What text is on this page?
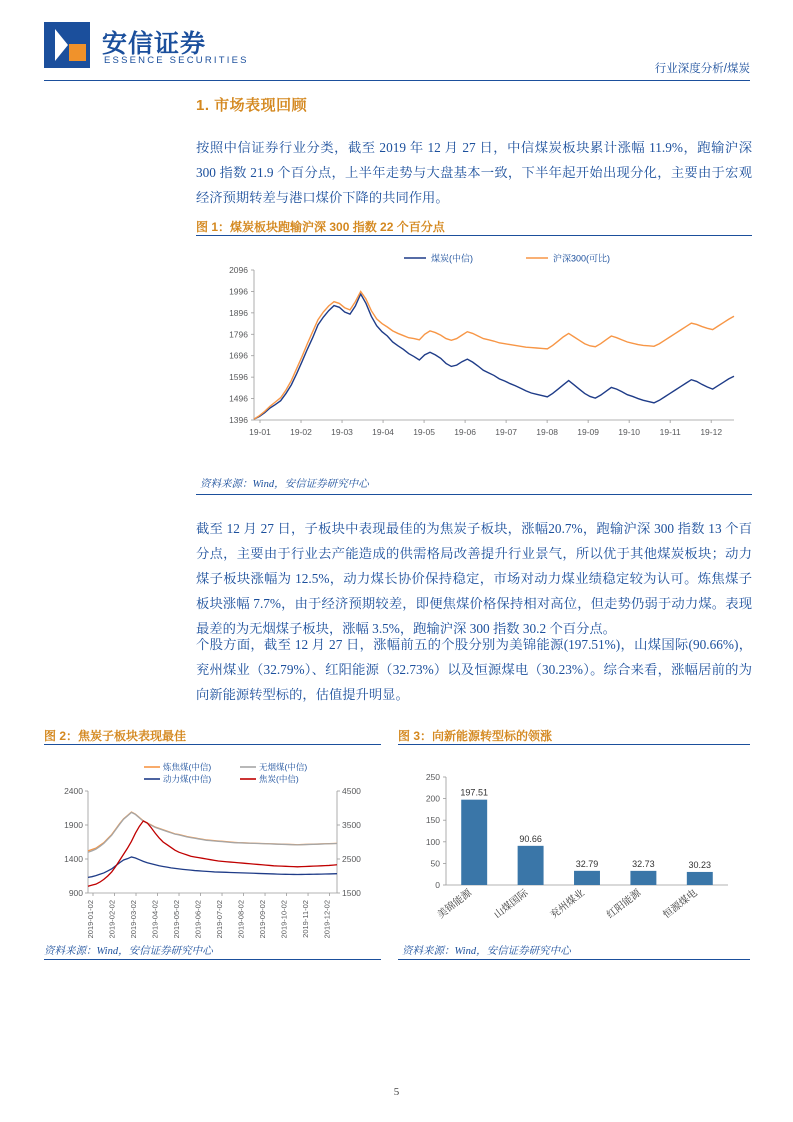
安信证券
ESSENCE SECURITIES
行业深度分析/煤炭
1. 市场表现回顾
按照中信证券行业分类，截至 2019 年 12 月 27 日，中信煤炭板块累计涨幅 11.9%，跑输沪深 300 指数 21.9 个百分点，上半年走势与大盘基本一致，下半年起开始出现分化，主要由于宏观经济预期转差与港口煤价下降的共同作用。
图 1：煤炭板块跑输沪深 300 指数 22 个百分点
1396
1496
1596
1696
1796
1896
1996
2096
19-01 19-02 19-03 19-04 19-05 19-06 19-07 19-08 19-09 19-10 19-11 19-12
煤炭(中信)	沪深300(可比)
资料来源：Wind，安信证券研究中心
截至 12 月 27 日，子板块中表现最佳的为焦炭子板块，涨幅20.7%，跑输沪深 300 指数 13 个百分点，主要由于行业去产能造成的供需格局改善提升行业景气，所以优于其他煤炭板块；动力煤子板块涨幅为 12.5%，动力煤长协价保持稳定，市场对动力煤业绩稳定较为认可。炼焦煤子板块涨幅 7.7%，由于经济预期较差，即便焦煤价格保持相对高位，但走势仍弱于动力煤。表现最差的为无烟煤子板块，涨幅 3.5%，跑输沪深 300 指数 30.2 个百分点。
个股方面，截至 12 月 27 日，涨幅前五的个股分别为美锦能源(197.51%)，山煤国际(90.66%)，兖州煤业（32.79%）、红阳能源（32.73%）以及恒源煤电（30.23%）。综合来看，涨幅居前的为向新能源转型标的，估值提升明显。
图 2：焦炭子板块表现最佳
900
1400
1900
2400
1500
2500
3500
4500
2019-01-02 2019-02-02 2019-03-02 2019-04-02 2019-05-02 2019-06-02 2019-07-02 2019-08-02 2019-09-02 2019-10-02 2019-11-02 2019-12-02
炼焦煤(中信)	无烟煤(中信)
动力煤(中信)	焦炭(中信)
资料来源：Wind，安信证券研究中心
图 3：向新能源转型标的领涨
0
50
100
150
200
250
197.51
美锦能源
90.66
山煤国际
32.79
兖州煤业
32.73
红阳能源
30.23
恒源煤电
资料来源：Wind，安信证券研究中心
5
